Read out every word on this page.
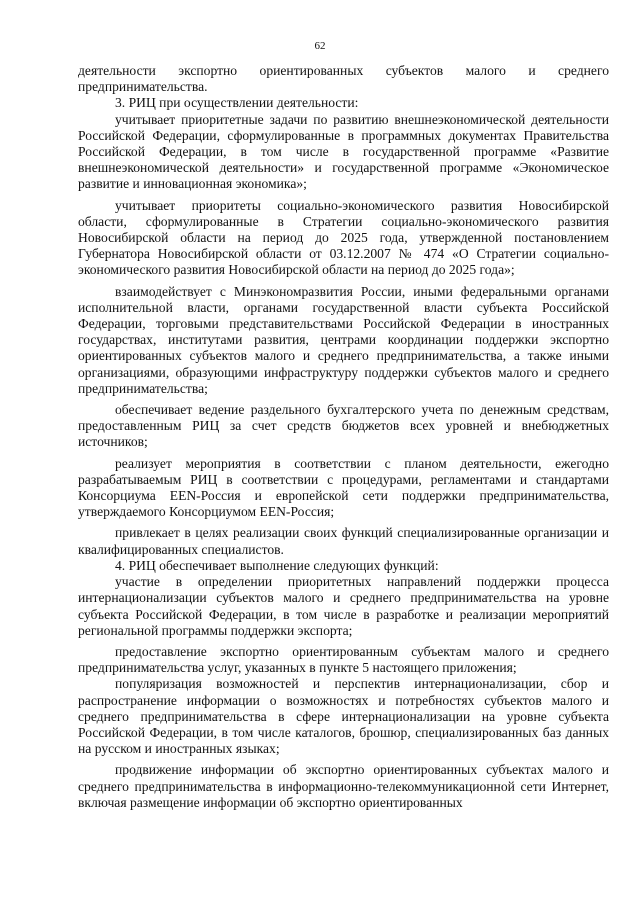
62

деятельности экспортно ориентированных субъектов малого и среднего предпринимательства.

3. РИЦ при осуществлении деятельности:

учитывает приоритетные задачи по развитию внешнеэкономической деятельности Российской Федерации, сформулированные в программных документах Правительства Российской Федерации, в том числе в государственной программе «Развитие внешнеэкономической деятельности» и государственной программе «Экономическое развитие и инновационная экономика»;

учитывает приоритеты социально-экономического развития Новосибирской области, сформулированные в Стратегии социально-экономического развития Новосибирской области на период до 2025 года, утвержденной постановлением Губернатора Новосибирской области от 03.12.2007 № 474 «О Стратегии социально-экономического развития Новосибирской области на период до 2025 года»;

взаимодействует с Минэкономразвития России, иными федеральными органами исполнительной власти, органами государственной власти субъекта Российской Федерации, торговыми представительствами Российской Федерации в иностранных государствах, институтами развития, центрами координации поддержки экспортно ориентированных субъектов малого и среднего предпринимательства, а также иными организациями, образующими инфраструктуру поддержки субъектов малого и среднего предпринимательства;

обеспечивает ведение раздельного бухгалтерского учета по денежным средствам, предоставленным РИЦ за счет средств бюджетов всех уровней и внебюджетных источников;

реализует мероприятия в соответствии с планом деятельности, ежегодно разрабатываемым РИЦ в соответствии с процедурами, регламентами и стандартами Консорциума EEN-Россия и европейской сети поддержки предпринимательства, утверждаемого Консорциумом EEN-Россия;

привлекает в целях реализации своих функций специализированные организации и квалифицированных специалистов.

4. РИЦ обеспечивает выполнение следующих функций:

участие в определении приоритетных направлений поддержки процесса интернационализации субъектов малого и среднего предпринимательства на уровне субъекта Российской Федерации, в том числе в разработке и реализации мероприятий региональной программы поддержки экспорта;

предоставление экспортно ориентированным субъектам малого и среднего предпринимательства услуг, указанных в пункте 5 настоящего приложения;

популяризация возможностей и перспектив интернационализации, сбор и распространение информации о возможностях и потребностях субъектов малого и среднего предпринимательства в сфере интернационализации на уровне субъекта Российской Федерации, в том числе каталогов, брошюр, специализированных баз данных на русском и иностранных языках;

продвижение информации об экспортно ориентированных субъектах малого и среднего предпринимательства в информационно-телекоммуникационной сети Интернет, включая размещение информации об экспортно ориентированных
